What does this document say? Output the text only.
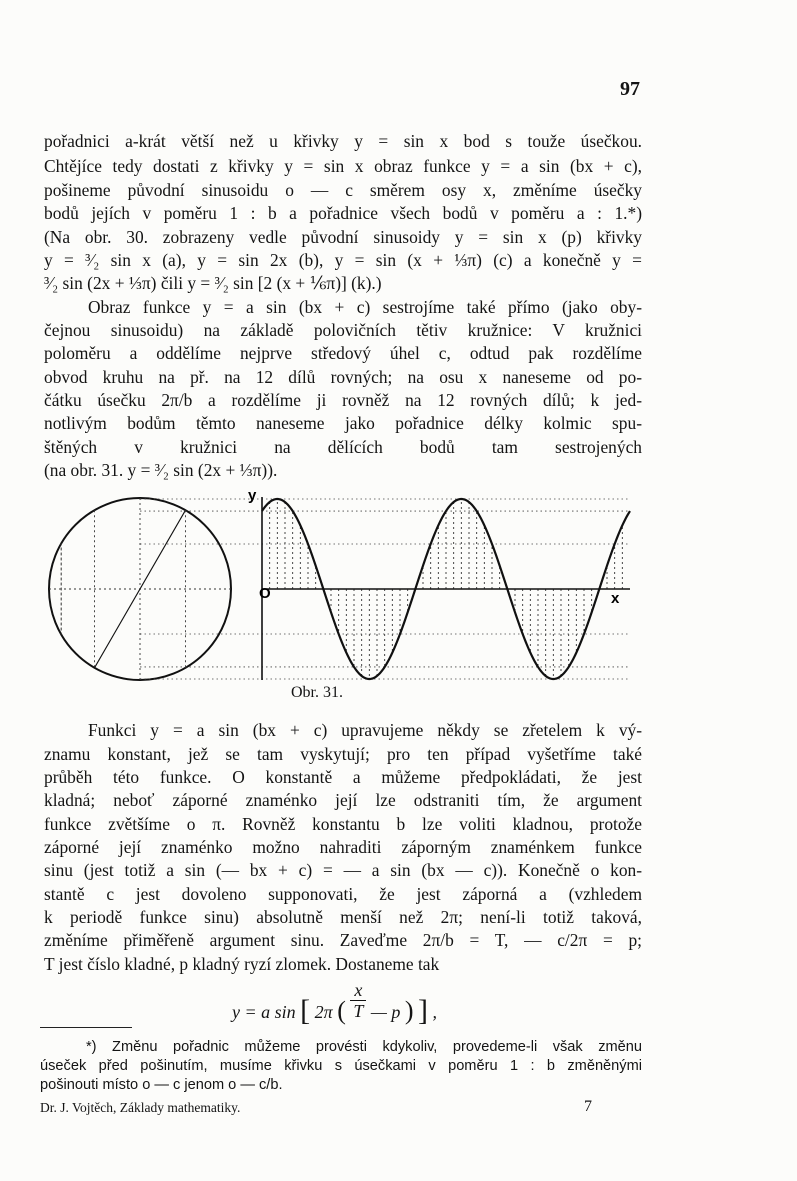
97
pořadnici a-krát větší než u křivky y = sin x bod s touže úsečkou.
Chtějíce tedy dostati z křivky y = sin x obraz funkce y = a sin (bx + c),
pošineme původní sinusoidu o — c směrem osy x, změníme úsečky
bodů jejích v poměru 1 : b a pořadnice všech bodů v poměru a : 1.*)
(Na obr. 30. zobrazeny vedle původní sinusoidy y = sin x (p) křivky
y = ³⁄₂ sin x (a), y = sin 2x (b), y = sin (x + ⅓π) (c) a konečně y =
³⁄₂ sin (2x + ⅓π) čili y = ³⁄₂ sin [2 (x + ⅙π)] (k).)
Obraz funkce y = a sin (bx + c) sestrojíme také přímo (jako oby-
čejnou sinusoidu) na základě polovičních tětiv kružnice: V kružnici
poloměru a oddělíme nejprve středový úhel c, odtud pak rozdělíme
obvod kruhu na př. na 12 dílů rovných; na osu x naneseme od po-
čátku úsečku 2π/b a rozdělíme ji rovněž na 12 rovných dílů; k jed-
notlivým bodům těmto naneseme jako pořadnice délky kolmic spu-
štěných v kružnici na dělících bodů tam sestrojených
(na obr. 31. y = ³⁄₂ sin (2x + ⅓π)).
y
x
O
Obr. 31.
Funkci y = a sin (bx + c) upravujeme někdy se zřetelem k vý-
znamu konstant, jež se tam vyskytují; pro ten případ vyšetříme také
průběh této funkce. O konstantě a můžeme předpokládati, že jest
kladná; neboť záporné znaménko její lze odstraniti tím, že argument
funkce zvětšíme o π. Rovněž konstantu b lze voliti kladnou, protože
záporné její znaménko možno nahraditi záporným znaménkem funkce
sinu (jest totiž a sin (— bx + c) = — a sin (bx — c)). Konečně o kon-
stantě c jest dovoleno supponovati, že jest záporná a (vzhledem
k periodě funkce sinu) absolutně menší než 2π; není-li totiž taková,
změníme přiměřeně argument sinu. Zaveďme 2π/b = T, — c/2π = p;
T jest číslo kladné, p kladný ryzí zlomek. Dostaneme tak
y = a sin [ 2π ( $\frac{x}{T}$ — p ) ] ,
*) Změnu pořadnic můžeme provésti kdykoliv, provedeme-li však změnu
úseček před pošinutím, musíme křivku s úsečkami v poměru 1 : b změněnými
pošinouti místo o — c jenom o — c/b.
Dr. J. Vojtěch, Základy mathematiky.	7
